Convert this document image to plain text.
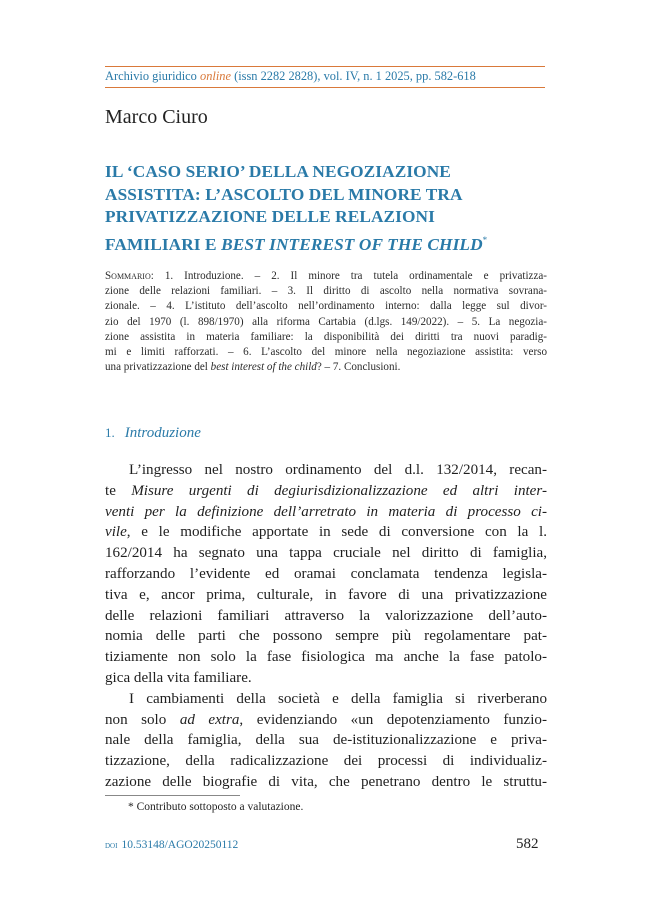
Archivio giuridico online (issn 2282 2828), vol. IV, n. 1 2025, pp. 582-618
Marco Ciuro
IL ‘CASO SERIO’ DELLA NEGOZIAZIONE
ASSISTITA: L’ASCOLTO DEL MINORE TRA
PRIVATIZZAZIONE DELLE RELAZIONI
FAMILIARI E BEST INTEREST OF THE CHILD*
Sommario: 1. Introduzione. – 2. Il minore tra tutela ordinamentale e privatizza-
zione delle relazioni familiari. – 3. Il diritto di ascolto nella normativa sovrana-
zionale. – 4. L’istituto dell’ascolto nell’ordinamento interno: dalla legge sul divor-
zio del 1970 (l. 898/1970) alla riforma Cartabia (d.lgs. 149/2022). – 5. La negozia-
zione assistita in materia familiare: la disponibilità dei diritti tra nuovi paradig-
mi e limiti rafforzati. – 6. L’ascolto del minore nella negoziazione assistita: verso
una privatizzazione del best interest of the child? – 7. Conclusioni.
1. Introduzione
L’ingresso nel nostro ordinamento del d.l. 132/2014, recan-
te Misure urgenti di degiurisdizionalizzazione ed altri inter-
venti per la definizione dell’arretrato in materia di processo ci-
vile, e le modifiche apportate in sede di conversione con la l.
162/2014 ha segnato una tappa cruciale nel diritto di famiglia,
rafforzando l’evidente ed oramai conclamata tendenza legisla-
tiva e, ancor prima, culturale, in favore di una privatizzazione
delle relazioni familiari attraverso la valorizzazione dell’auto-
nomia delle parti che possono sempre più regolamentare pat-
tiziamente non solo la fase fisiologica ma anche la fase patolo-
gica della vita familiare.
I cambiamenti della società e della famiglia si riverberano
non solo ad extra, evidenziando «un depotenziamento funzio-
nale della famiglia, della sua de-istituzionalizzazione e priva-
tizzazione, della radicalizzazione dei processi di individualiz-
zazione delle biografie di vita, che penetrano dentro le struttu-
* Contributo sottoposto a valutazione.
doi 10.53148/AGO20250112	582
